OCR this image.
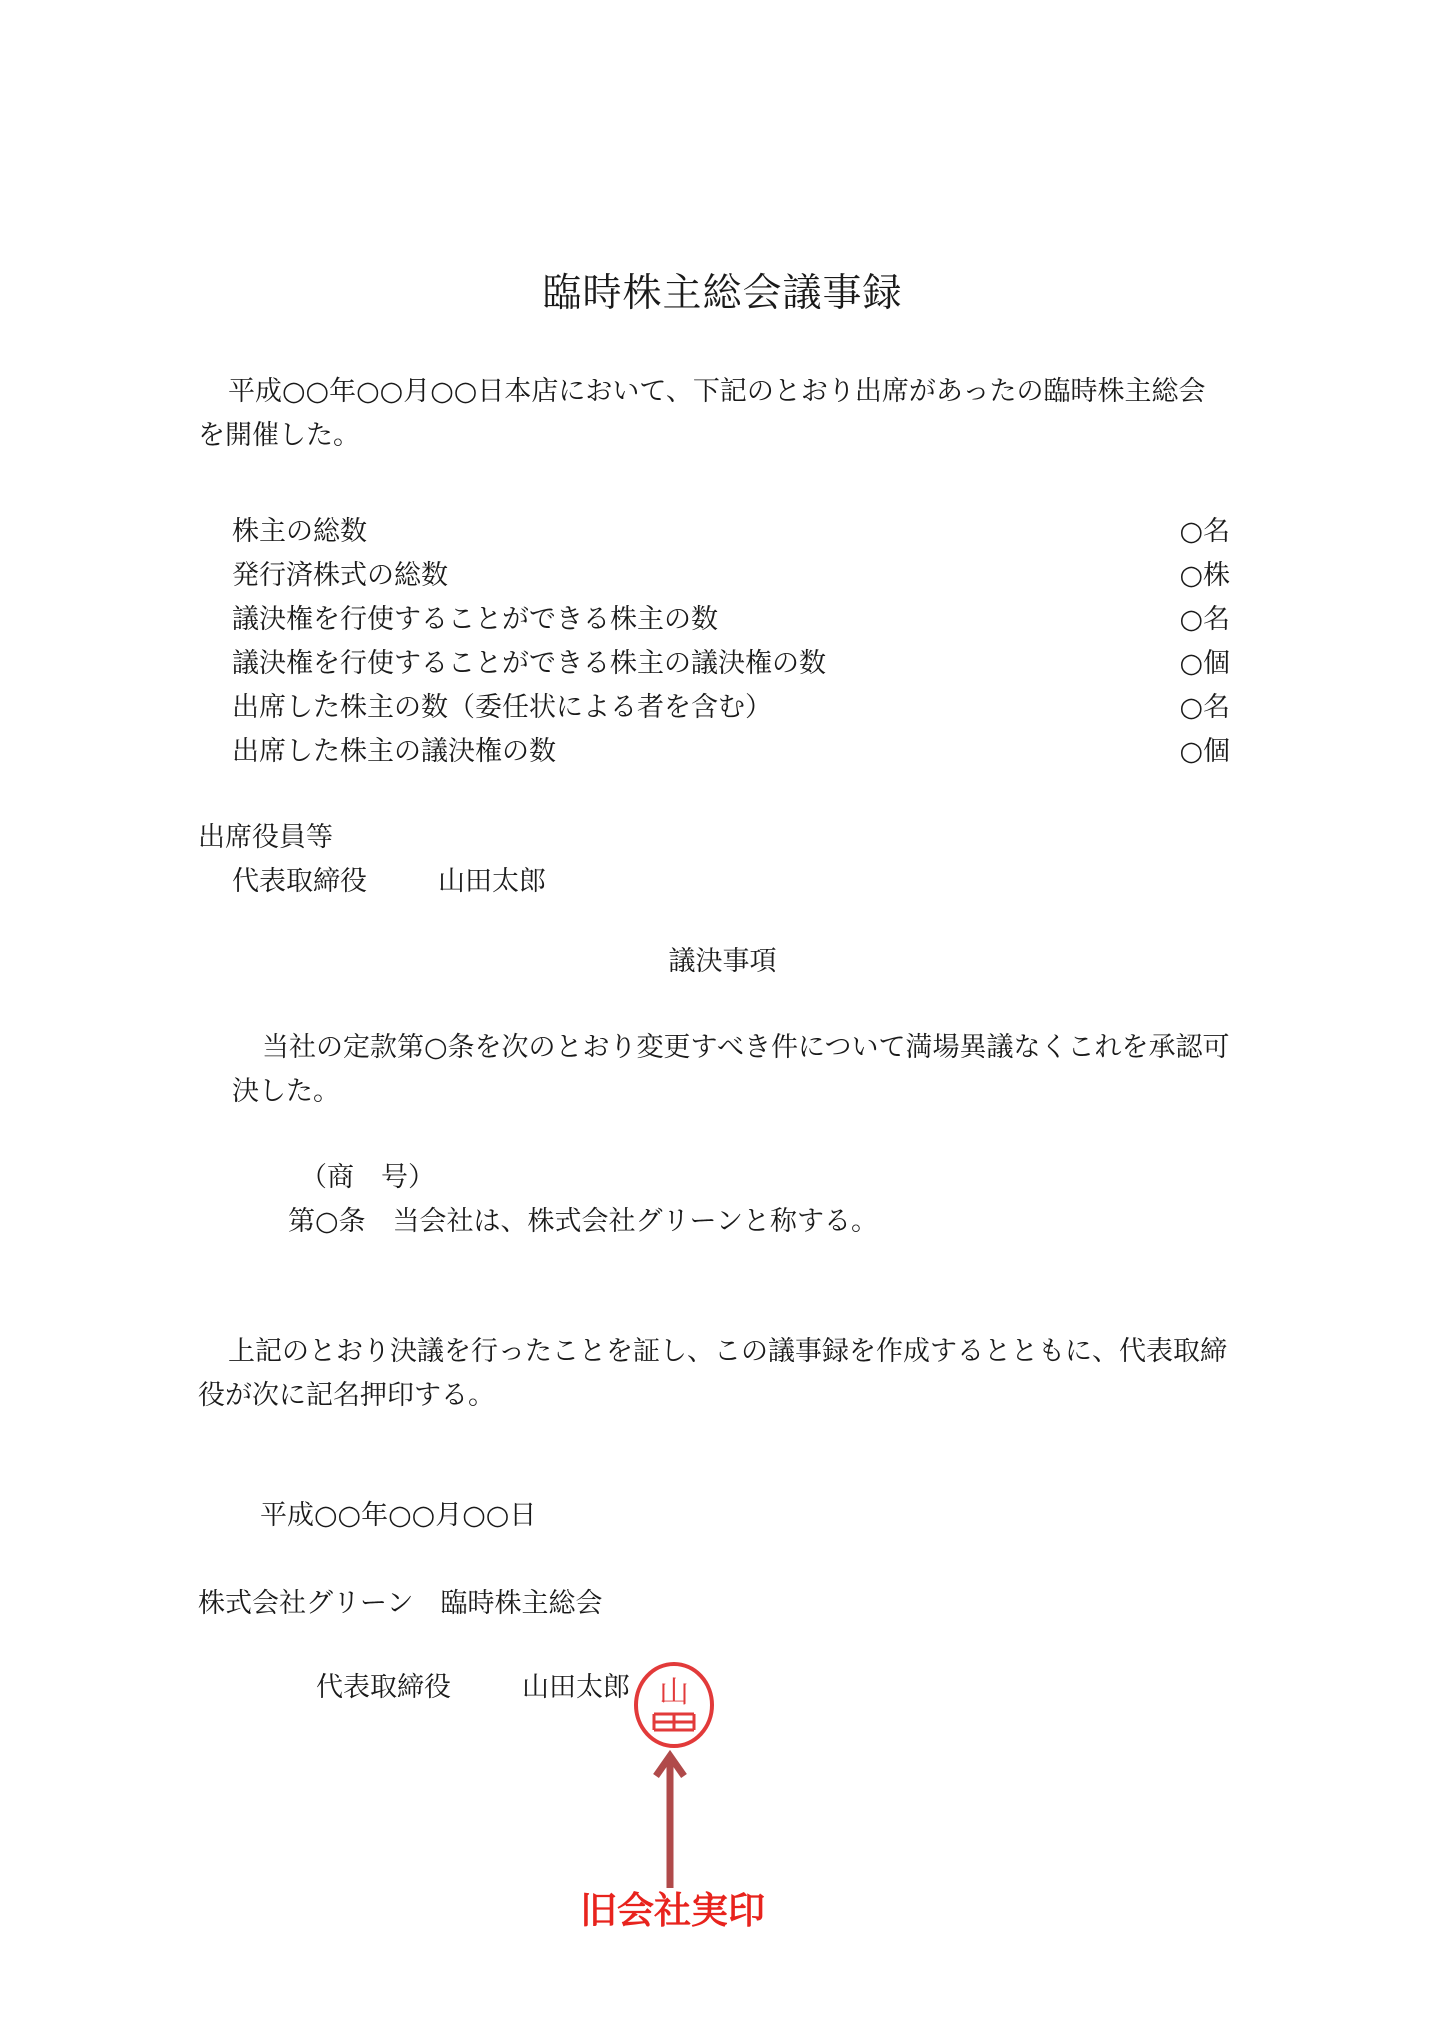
臨時株主総会議事録
平成○○年○○月○○日本店において、下記のとおり出席があったの臨時株主総会を開催した。
株主の総数	○名
発行済株式の総数	○株
議決権を行使することができる株主の数	○名
議決権を行使することができる株主の議決権の数	○個
出席した株主の数（委任状による者を含む）	○名
出席した株主の議決権の数	○個
出席役員等
代表取締役	山田太郎
議決事項
当社の定款第○条を次のとおり変更すべき件について満場異議なくこれを承認可決した。
（商　号）
第○条　当会社は、株式会社グリーンと称する。
上記のとおり決議を行ったことを証し、この議事録を作成するとともに、代表取締役が次に記名押印する。
平成○○年○○月○○日
株式会社グリーン　臨時株主総会
代表取締役	山田太郎 山
旧会社実印
